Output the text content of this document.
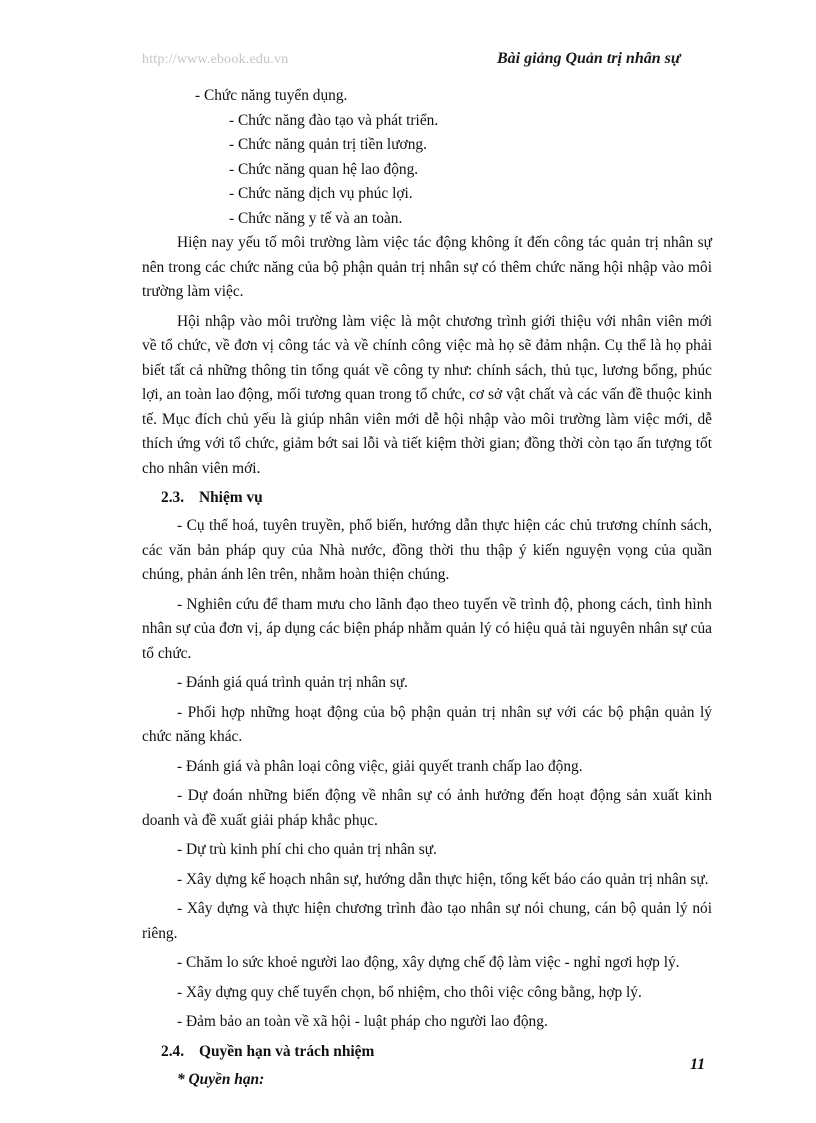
http://www.ebook.edu.vn	Bài giảng Quản trị nhân sự

- Chức năng tuyển dụng.

- Chức năng đào tạo và phát triển.

- Chức năng quản trị tiền lương.

- Chức năng quan hệ lao động.

- Chức năng dịch vụ phúc lợi.

- Chức năng y tế và an toàn.

Hiện nay yếu tố môi trường làm việc tác động không ít đến công tác quản trị nhân sự nên trong các chức năng của bộ phận quản trị nhân sự có thêm chức năng hội nhập vào môi trường làm việc.

Hội nhập vào môi trường làm việc là một chương trình giới thiệu với nhân viên mới về tổ chức, về đơn vị công tác và về chính công việc mà họ sẽ đảm nhận. Cụ thể là họ phải biết tất cả những thông tin tổng quát về công ty như: chính sách, thủ tục, lương bổng, phúc lợi, an toàn lao động, mối tương quan trong tổ chức, cơ sở vật chất và các vấn đề thuộc kinh tế. Mục đích chủ yếu là giúp nhân viên mới dễ hội nhập vào môi trường làm việc mới, dễ thích ứng với tổ chức, giảm bớt sai lỗi và tiết kiệm thời gian; đồng thời còn tạo ấn tượng tốt cho nhân viên mới.

2.3. Nhiệm vụ

- Cụ thể hoá, tuyên truyền, phổ biến, hướng dẫn thực hiện các chủ trương chính sách, các văn bản pháp quy của Nhà nước, đồng thời thu thập ý kiến nguyện vọng của quần chúng, phản ánh lên trên, nhằm hoàn thiện chúng.

- Nghiên cứu để tham mưu cho lãnh đạo theo tuyến về trình độ, phong cách, tình hình nhân sự của đơn vị, áp dụng các biện pháp nhằm quản lý có hiệu quả tài nguyên nhân sự của tổ chức.

- Đánh giá quá trình quản trị nhân sự.

- Phối hợp những hoạt động của bộ phận quản trị nhân sự với các bộ phận quản lý chức năng khác.

- Đánh giá và phân loại công việc, giải quyết tranh chấp lao động.

- Dự đoán những biến động về nhân sự có ảnh hưởng đến hoạt động sản xuất kinh doanh và đề xuất giải pháp khắc phục.

- Dự trù kinh phí chi cho quản trị nhân sự.

- Xây dựng kế hoạch nhân sự, hướng dẫn thực hiện, tổng kết báo cáo quản trị nhân sự.

- Xây dựng và thực hiện chương trình đào tạo nhân sự nói chung, cán bộ quản lý nói riêng.

- Chăm lo sức khoẻ người lao động, xây dựng chế độ làm việc - nghỉ ngơi hợp lý.

- Xây dựng quy chế tuyển chọn, bổ nhiệm, cho thôi việc công bằng, hợp lý.

- Đảm bảo an toàn về xã hội - luật pháp cho người lao động.

2.4. Quyền hạn và trách nhiệm

* Quyền hạn:

11
